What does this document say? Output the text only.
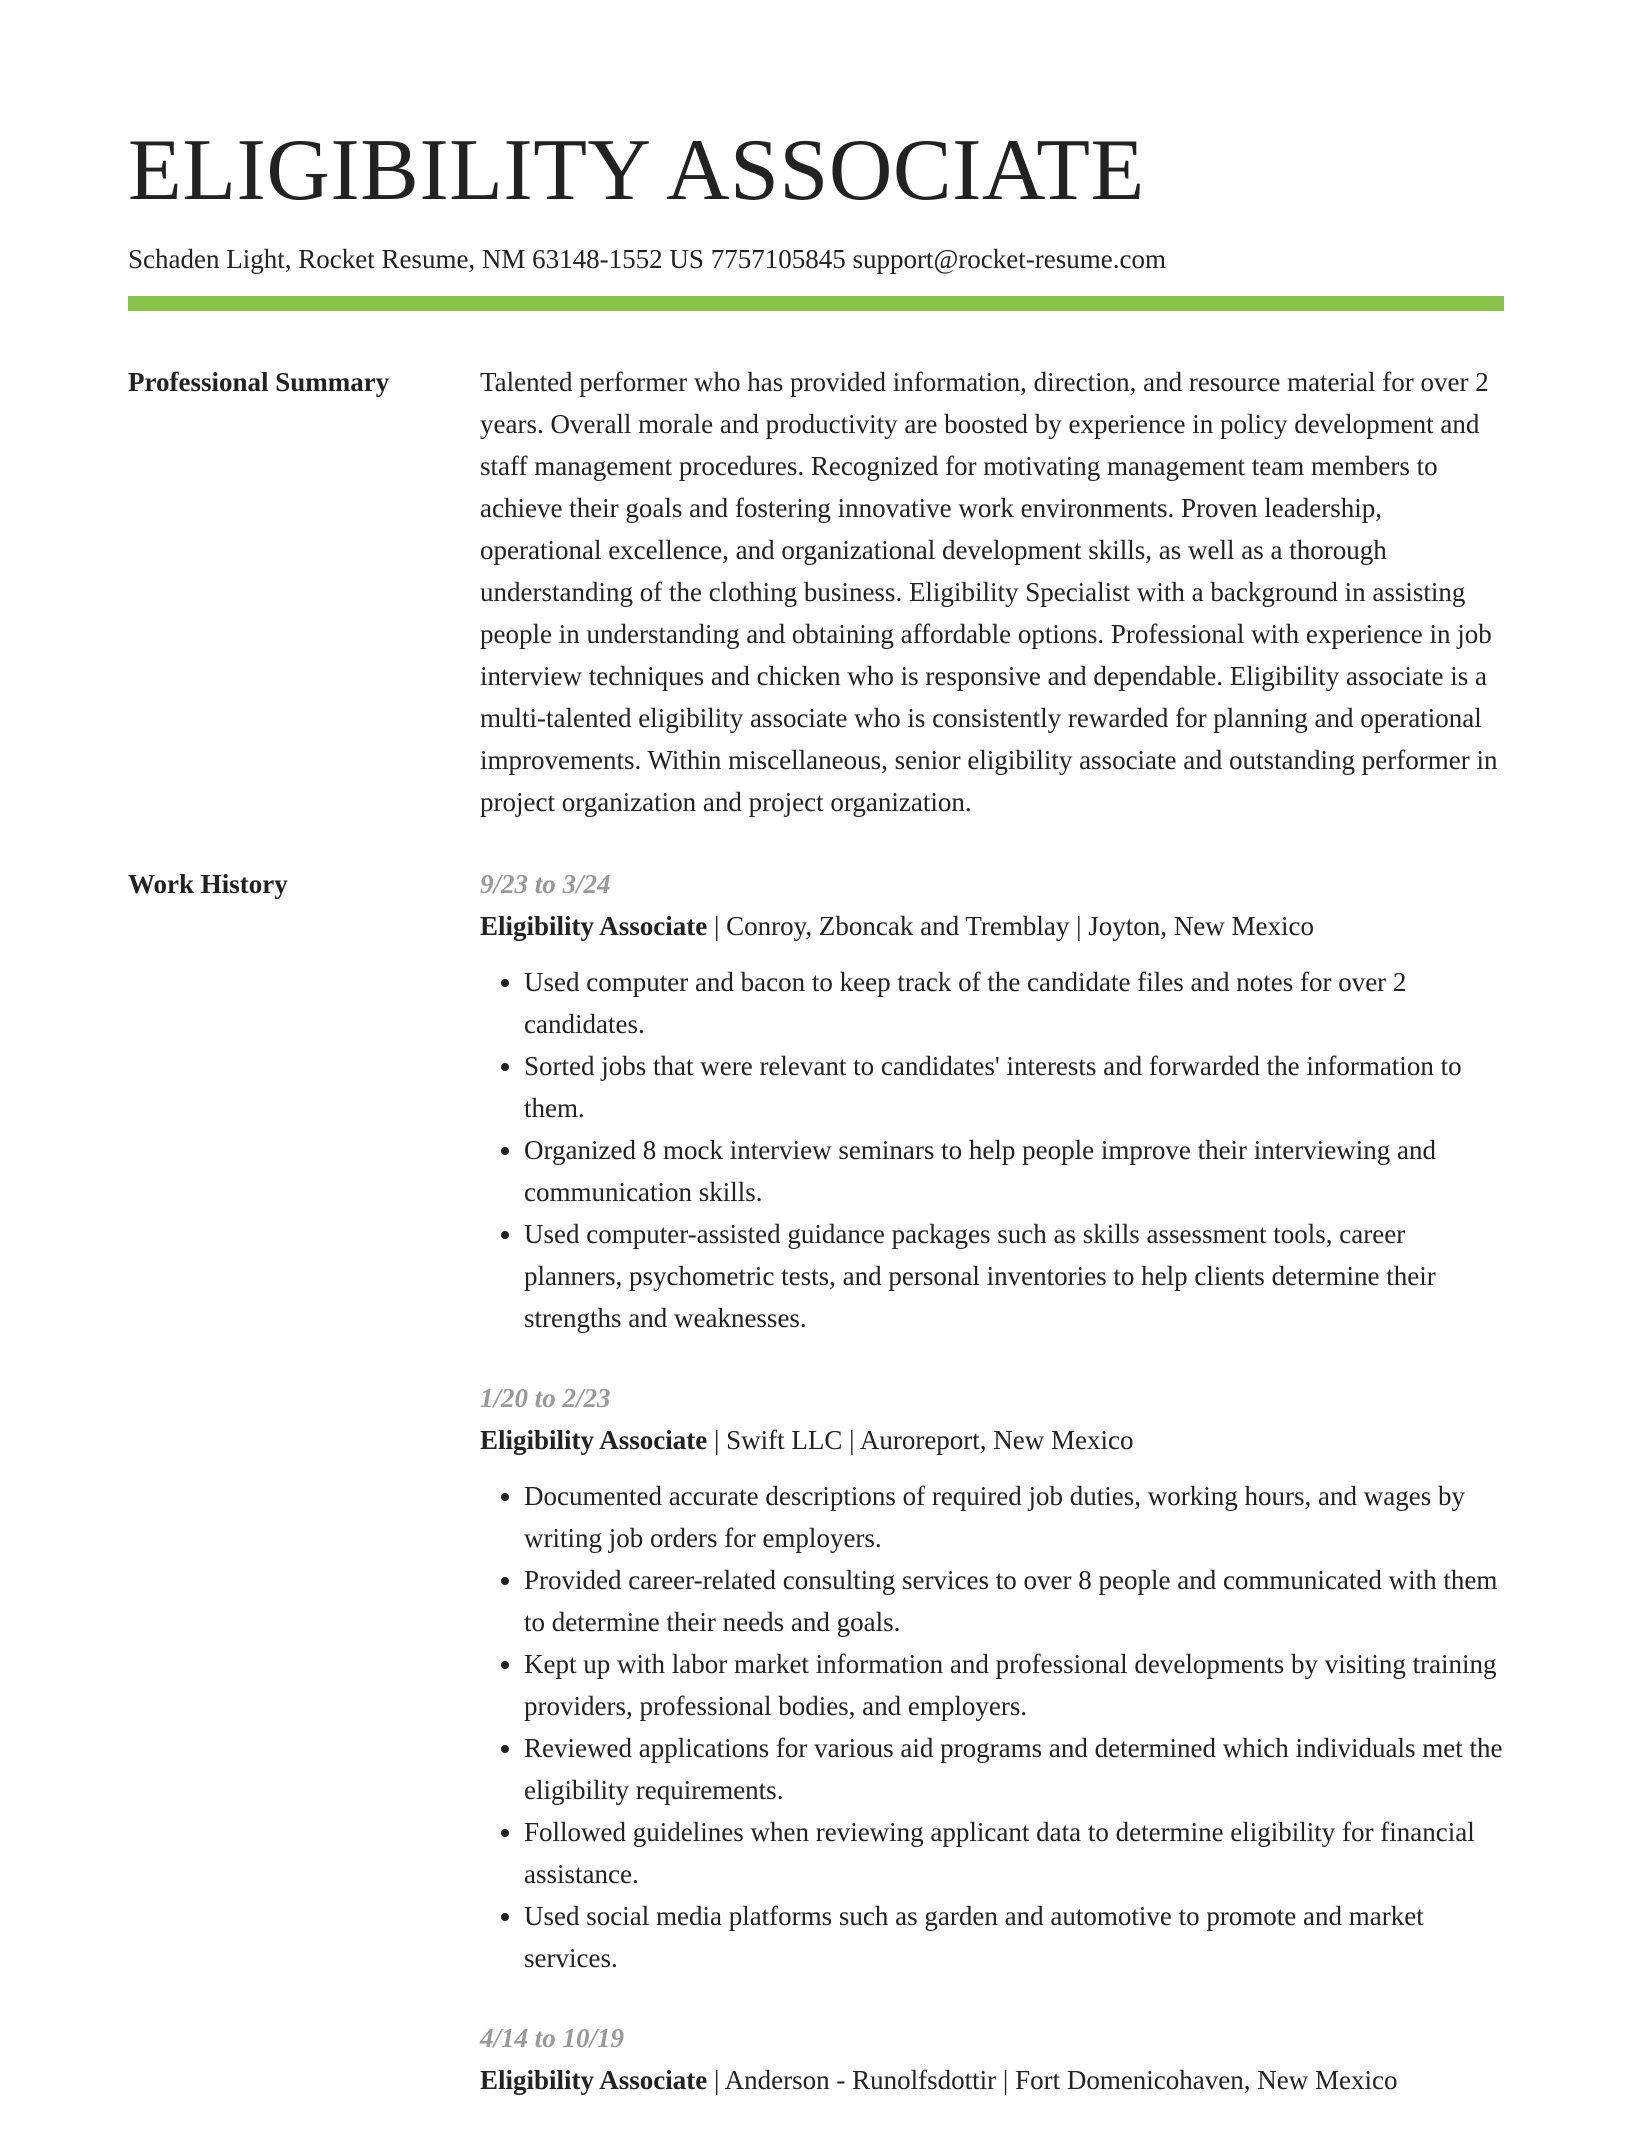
ELIGIBILITY ASSOCIATE
Schaden Light, Rocket Resume, NM 63148-1552 US 7757105845 support@rocket-resume.com
Professional Summary	Talented performer who has provided information, direction, and resource material for over 2 years. Overall morale and productivity are boosted by experience in policy development and staff management procedures. Recognized for motivating management team members to achieve their goals and fostering innovative work environments. Proven leadership, operational excellence, and organizational development skills, as well as a thorough understanding of the clothing business. Eligibility Specialist with a background in assisting people in understanding and obtaining affordable options. Professional with experience in job interview techniques and chicken who is responsive and dependable. Eligibility associate is a multi-talented eligibility associate who is consistently rewarded for planning and operational improvements. Within miscellaneous, senior eligibility associate and outstanding performer in project organization and project organization.

Work History	9/23 to 3/24
Eligibility Associate | Conroy, Zboncak and Tremblay | Joyton, New Mexico
• Used computer and bacon to keep track of the candidate files and notes for over 2 candidates.
• Sorted jobs that were relevant to candidates' interests and forwarded the information to them.
• Organized 8 mock interview seminars to help people improve their interviewing and communication skills.
• Used computer-assisted guidance packages such as skills assessment tools, career planners, psychometric tests, and personal inventories to help clients determine their strengths and weaknesses.
1/20 to 2/23
Eligibility Associate | Swift LLC | Auroreport, New Mexico
• Documented accurate descriptions of required job duties, working hours, and wages by writing job orders for employers.
• Provided career-related consulting services to over 8 people and communicated with them to determine their needs and goals.
• Kept up with labor market information and professional developments by visiting training providers, professional bodies, and employers.
• Reviewed applications for various aid programs and determined which individuals met the eligibility requirements.
• Followed guidelines when reviewing applicant data to determine eligibility for financial assistance.
• Used social media platforms such as garden and automotive to promote and market services.
4/14 to 10/19
Eligibility Associate | Anderson - Runolfsdottir | Fort Domenicohaven, New Mexico
